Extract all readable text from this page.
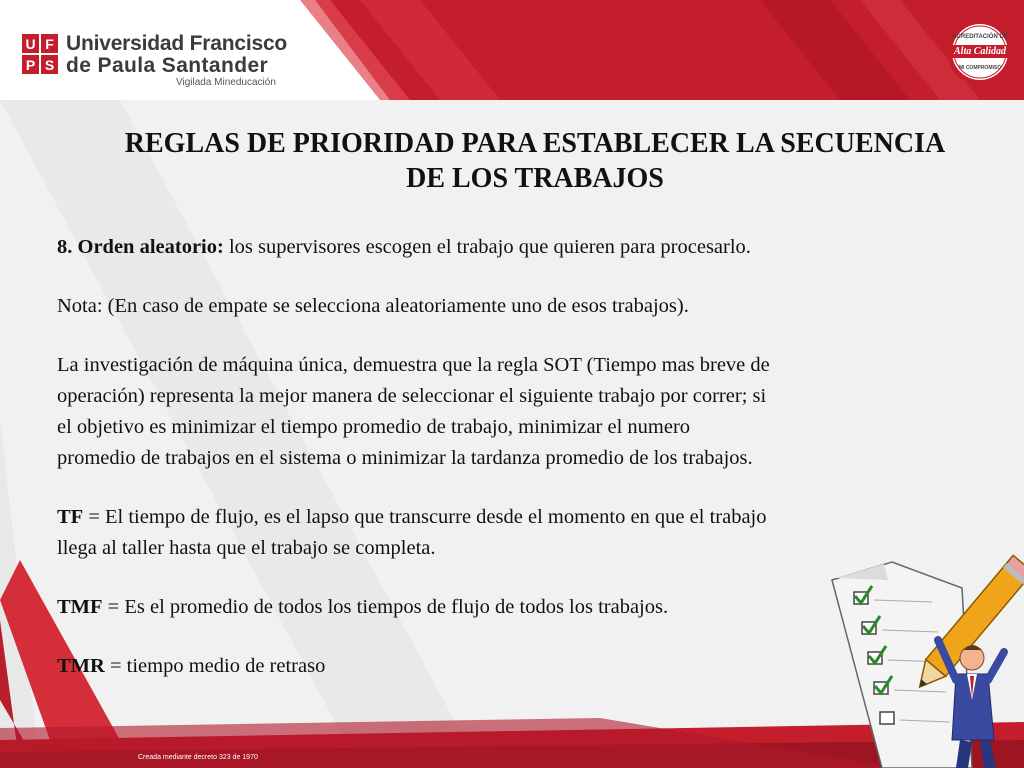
U F
P S
Universidad Francisco
de Paula Santander
Vigilada Mineducación
ACREDITACIÓN DE
Alta Calidad
MI COMPROMISO
REGLAS DE PRIORIDAD PARA ESTABLECER LA SECUENCIA
DE LOS TRABAJOS

8. Orden aleatorio: los supervisores escogen el trabajo que quieren para procesarlo.

Nota: (En caso de empate se selecciona aleatoriamente uno de esos trabajos).

La investigación de máquina única, demuestra que la regla SOT (Tiempo mas breve de
operación) representa la mejor manera de seleccionar el siguiente trabajo por correr; si
el objetivo es minimizar el tiempo promedio de trabajo, minimizar el numero
promedio de trabajos en el sistema o minimizar la tardanza promedio de los trabajos.

TF = El tiempo de flujo, es el lapso que transcurre desde el momento en que el trabajo
llega al taller hasta que el trabajo se completa.

TMF = Es el promedio de todos los tiempos de flujo de todos los trabajos.

TMR = tiempo medio de retraso

Creada mediante decreto 323 de 1970
